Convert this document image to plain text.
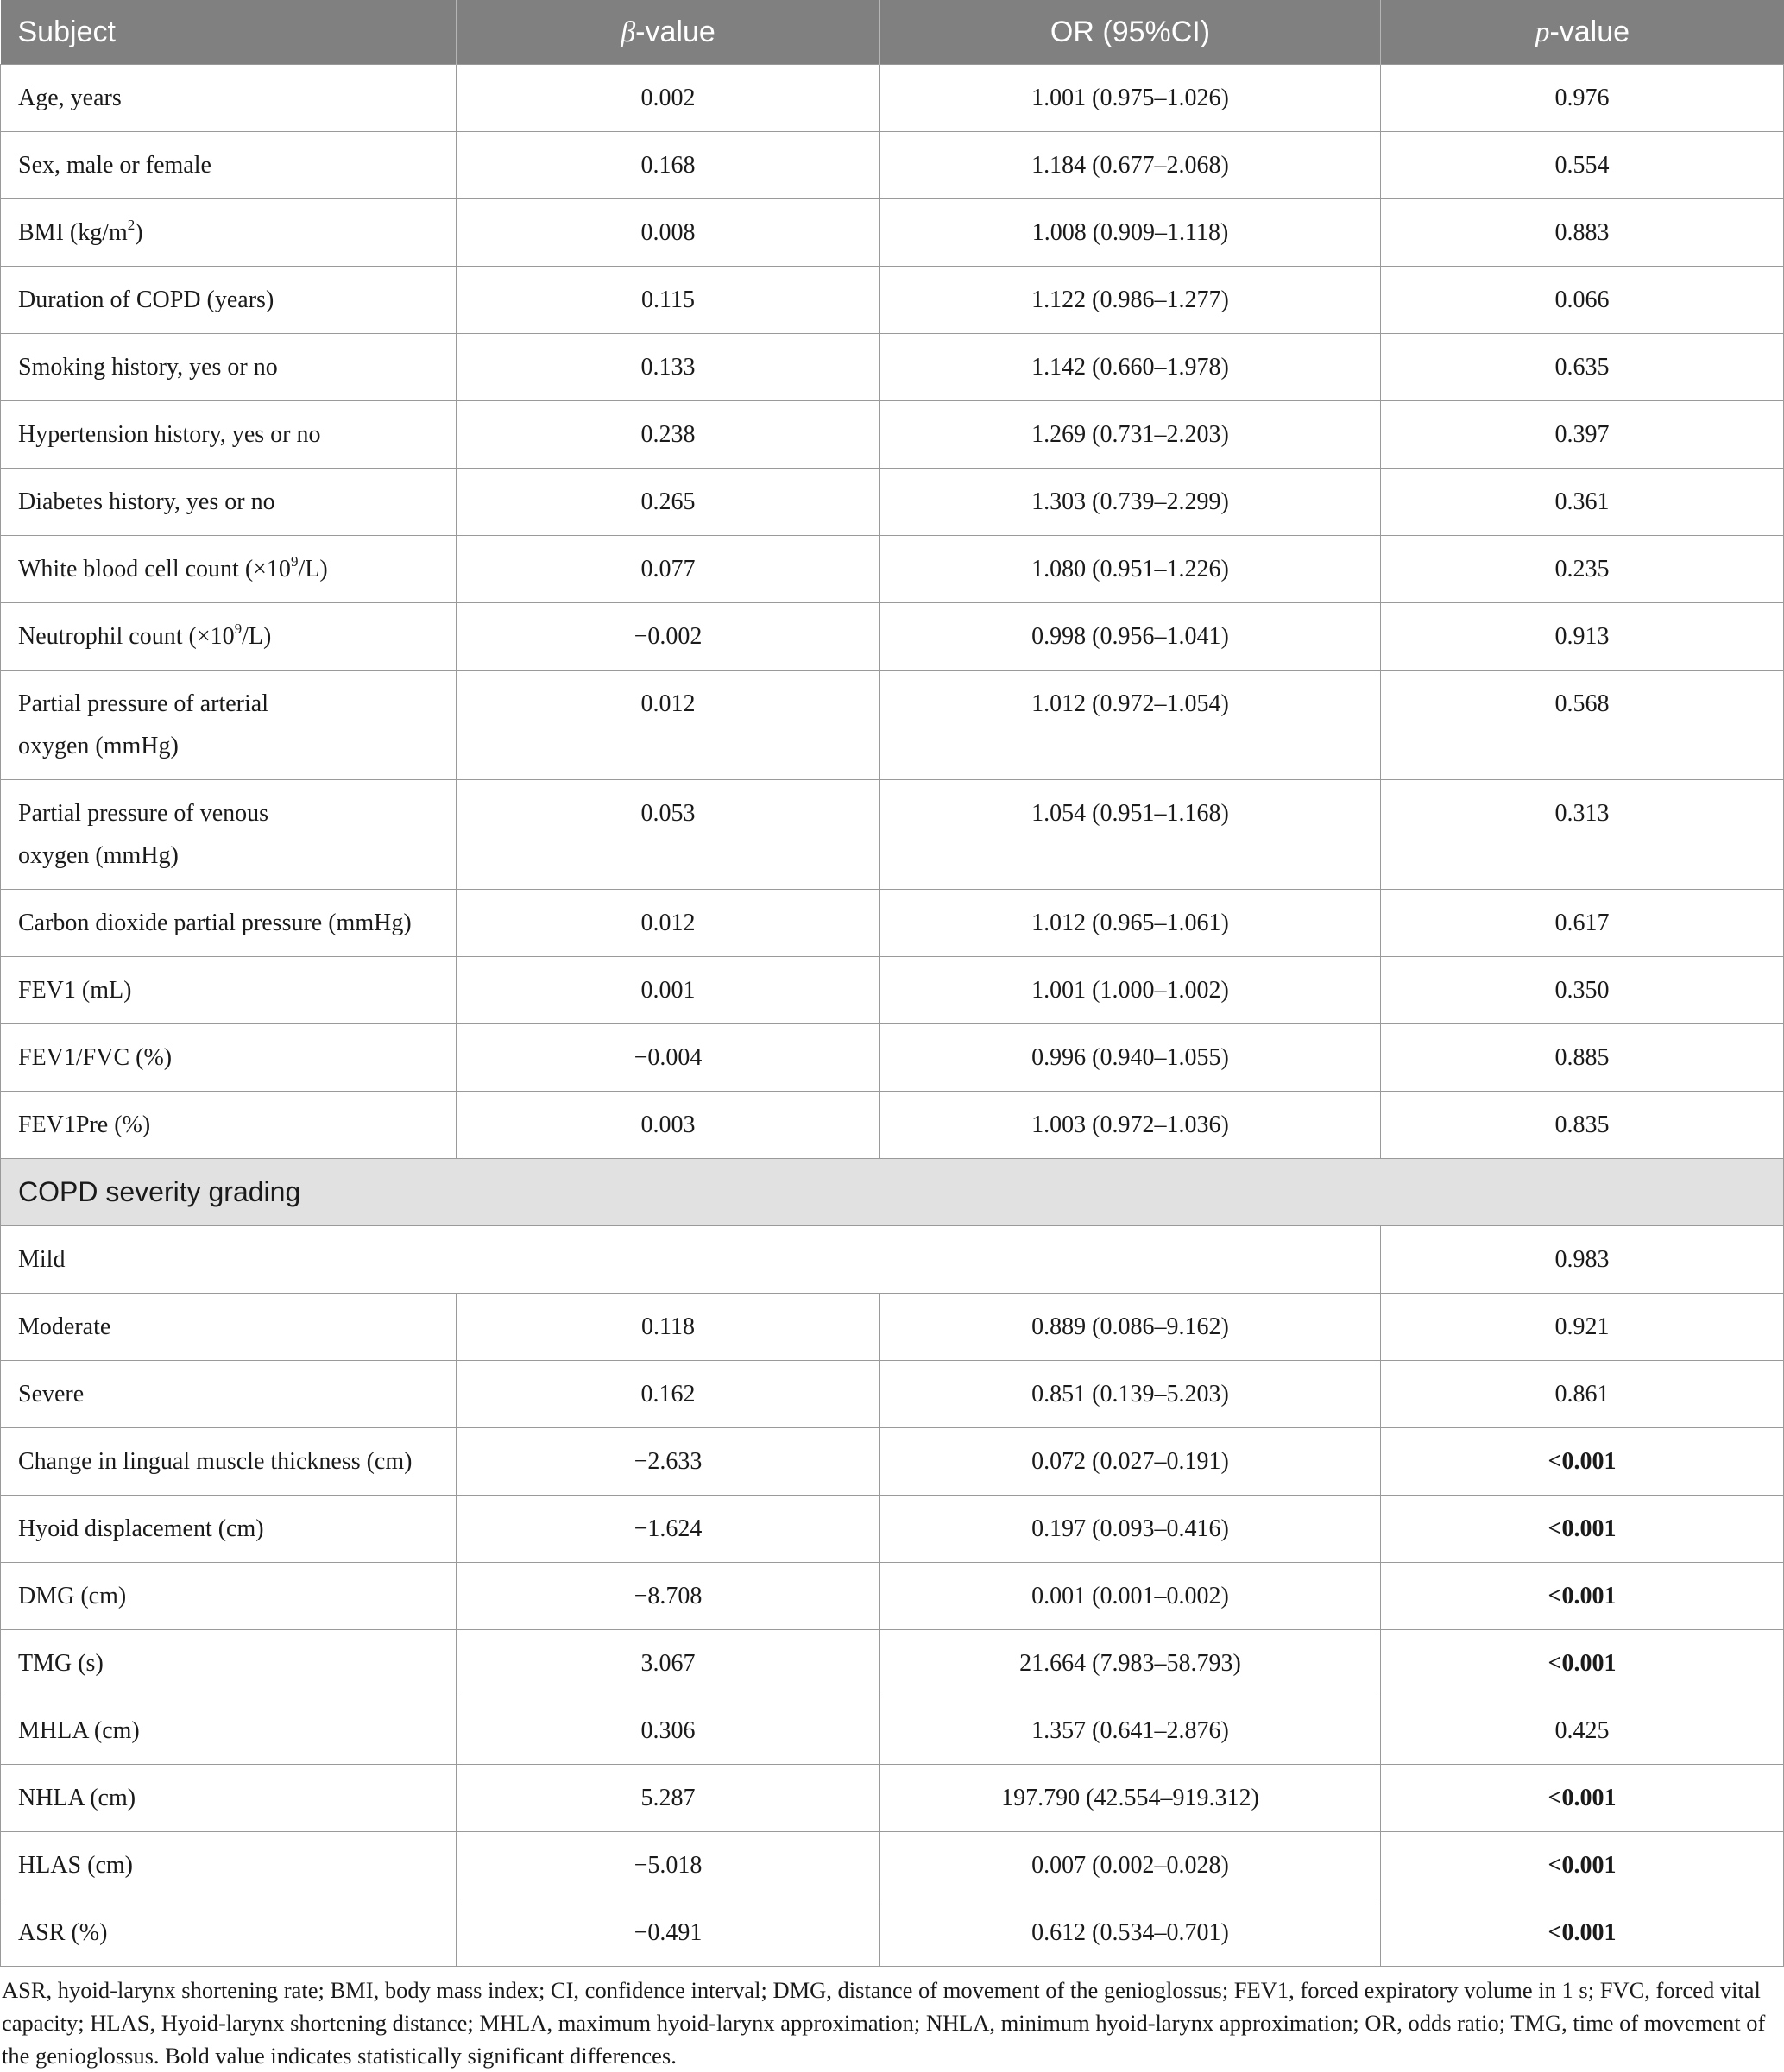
Subject	β-value	OR (95%CI)	p-value
Age, years	0.002	1.001 (0.975–1.026)	0.976
Sex, male or female	0.168	1.184 (0.677–2.068)	0.554
BMI $(kg/m^2)$	0.008	1.008 (0.909–1.118)	0.883
Duration of COPD (years)	0.115	1.122 (0.986–1.277)	0.066
Smoking history, yes or no	0.133	1.142 (0.660–1.978)	0.635
Hypertension history, yes or no	0.238	1.269 (0.731–2.203)	0.397
Diabetes history, yes or no	0.265	1.303 (0.739–2.299)	0.361
White blood cell count $(\times 10^9/L)$	0.077	1.080 (0.951–1.226)	0.235
Neutrophil count $(\times 10^9/L)$	−0.002	0.998 (0.956–1.041)	0.913
Partial pressure of arterial
oxygen (mmHg)	0.012	1.012 (0.972–1.054)	0.568
Partial pressure of venous
oxygen (mmHg)	0.053	1.054 (0.951–1.168)	0.313
Carbon dioxide partial pressure (mmHg)	0.012	1.012 (0.965–1.061)	0.617
FEV1 (mL)	0.001	1.001 (1.000–1.002)	0.350
FEV1/FVC (%)	−0.004	0.996 (0.940–1.055)	0.885
FEV1Pre (%)	0.003	1.003 (0.972–1.036)	0.835
COPD severity grading			
Mild			0.983
Moderate	0.118	0.889 (0.086–9.162)	0.921
Severe	0.162	0.851 (0.139–5.203)	0.861
Change in lingual muscle thickness (cm)	−2.633	0.072 (0.027–0.191)	<0.001
Hyoid displacement (cm)	−1.624	0.197 (0.093–0.416)	<0.001
DMG (cm)	−8.708	0.001 (0.001–0.002)	<0.001
TMG (s)	3.067	21.664 (7.983–58.793)	<0.001
MHLA (cm)	0.306	1.357 (0.641–2.876)	0.425
NHLA (cm)	5.287	197.790 (42.554–919.312)	<0.001
HLAS (cm)	−5.018	0.007 (0.002–0.028)	<0.001
ASR (%)	−0.491	0.612 (0.534–0.701)	<0.001
ASR, hyoid-larynx shortening rate; BMI, body mass index; CI, confidence interval; DMG, distance of movement of the genioglossus; FEV1, forced expiratory volume in 1 s; FVC, forced vital capacity; HLAS, Hyoid-larynx shortening distance; MHLA, maximum hyoid-larynx approximation; NHLA, minimum hyoid-larynx approximation; OR, odds ratio; TMG, time of movement of the genioglossus. Bold value indicates statistically significant differences.
